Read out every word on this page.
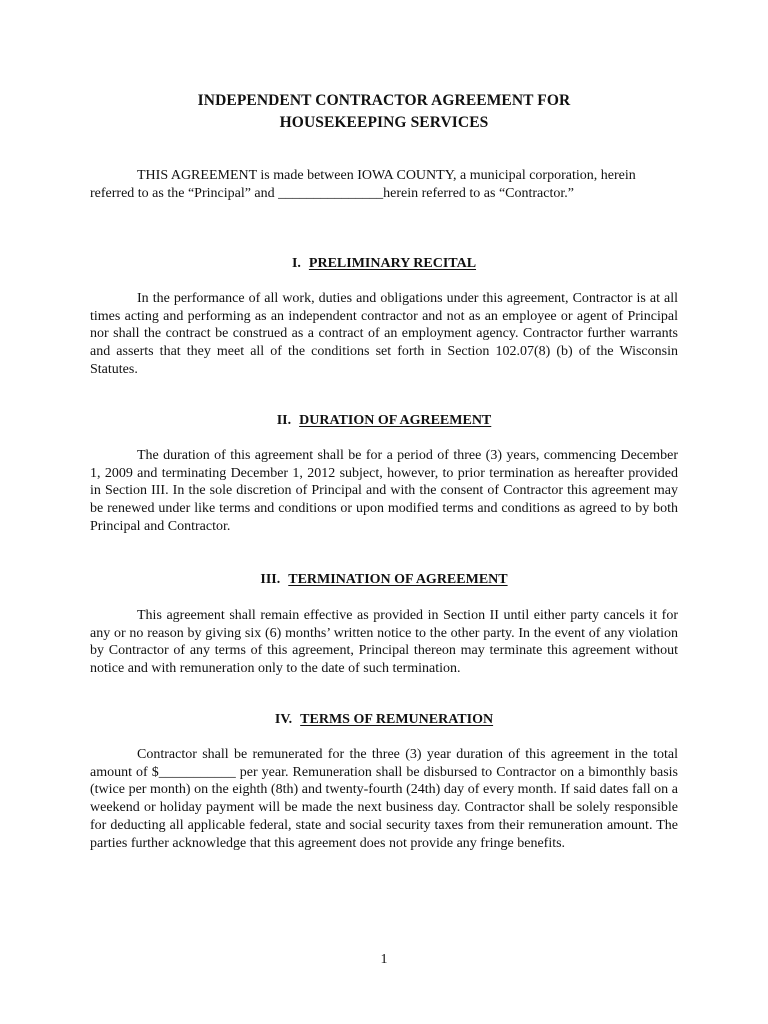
INDEPENDENT CONTRACTOR AGREEMENT FOR
HOUSEKEEPING SERVICES

THIS AGREEMENT is made between IOWA COUNTY, a municipal corporation, herein referred to as the “Principal” and _______________herein referred to as “Contractor.”

I. PRELIMINARY RECITAL

In the performance of all work, duties and obligations under this agreement, Contractor is at all times acting and performing as an independent contractor and not as an employee or agent of Principal nor shall the contract be construed as a contract of an employment agency. Contractor further warrants and asserts that they meet all of the conditions set forth in Section 102.07(8) (b) of the Wisconsin Statutes.

II. DURATION OF AGREEMENT

The duration of this agreement shall be for a period of three (3) years, commencing December 1, 2009 and terminating December 1, 2012 subject, however, to prior termination as hereafter provided in Section III. In the sole discretion of Principal and with the consent of Contractor this agreement may be renewed under like terms and conditions or upon modified terms and conditions as agreed to by both Principal and Contractor.

III. TERMINATION OF AGREEMENT

This agreement shall remain effective as provided in Section II until either party cancels it for any or no reason by giving six (6) months’ written notice to the other party. In the event of any violation by Contractor of any terms of this agreement, Principal thereon may terminate this agreement without notice and with remuneration only to the date of such termination.

IV. TERMS OF REMUNERATION

Contractor shall be remunerated for the three (3) year duration of this agreement in the total amount of $___________ per year. Remuneration shall be disbursed to Contractor on a bimonthly basis (twice per month) on the eighth (8th) and twenty-fourth (24th) day of every month. If said dates fall on a weekend or holiday payment will be made the next business day. Contractor shall be solely responsible for deducting all applicable federal, state and social security taxes from their remuneration amount. The parties further acknowledge that this agreement does not provide any fringe benefits.

1
